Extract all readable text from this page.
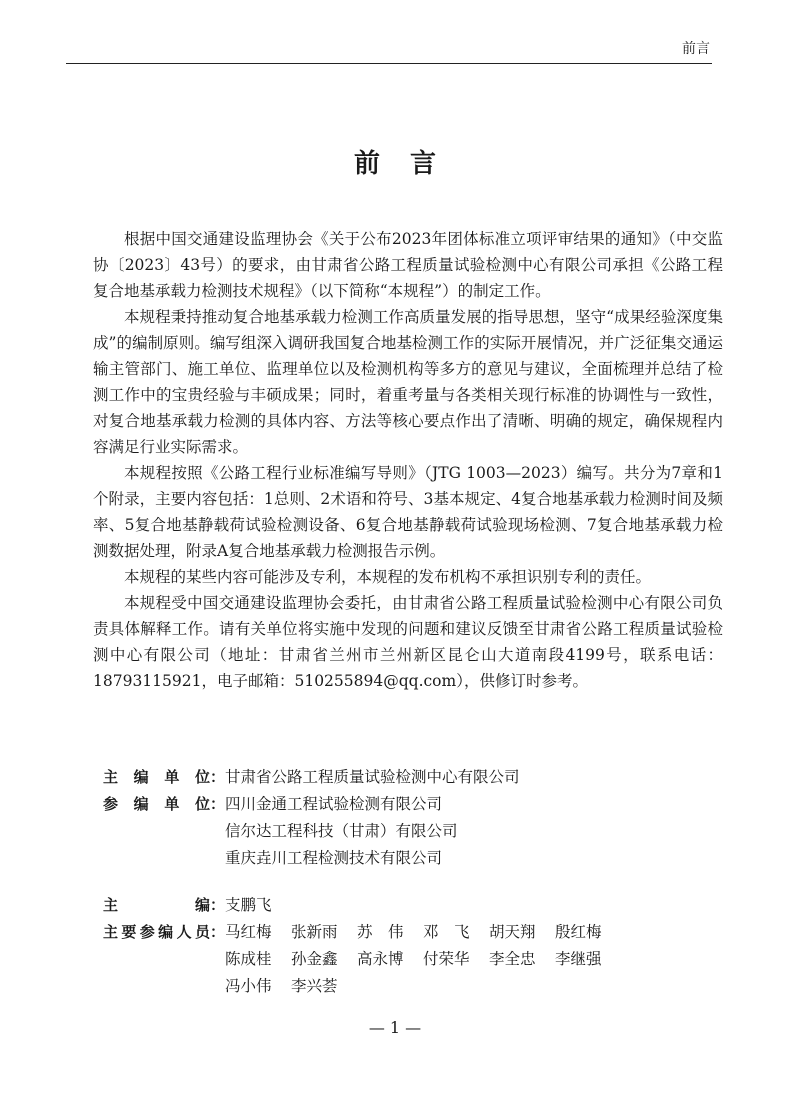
前言
前言

根据中国交通建设监理协会《关于公布2023年团体标准立项评审结果的通知》（中交监协〔2023〕43号）的要求，由甘肃省公路工程质量试验检测中心有限公司承担《公路工程复合地基承载力检测技术规程》（以下简称“本规程”）的制定工作。

本规程秉持推动复合地基承载力检测工作高质量发展的指导思想，坚守“成果经验深度集成”的编制原则。编写组深入调研我国复合地基检测工作的实际开展情况，并广泛征集交通运输主管部门、施工单位、监理单位以及检测机构等多方的意见与建议，全面梳理并总结了检测工作中的宝贵经验与丰硕成果；同时，着重考量与各类相关现行标准的协调性与一致性，对复合地基承载力检测的具体内容、方法等核心要点作出了清晰、明确的规定，确保规程内容满足行业实际需求。

本规程按照《公路工程行业标准编写导则》（JTG 1003—2023）编写。共分为7章和1个附录，主要内容包括：1总则、2术语和符号、3基本规定、4复合地基承载力检测时间及频率、5复合地基静载荷试验检测设备、6复合地基静载荷试验现场检测、7复合地基承载力检测数据处理，附录A复合地基承载力检测报告示例。

本规程的某些内容可能涉及专利，本规程的发布机构不承担识别专利的责任。

本规程受中国交通建设监理协会委托，由甘肃省公路工程质量试验检测中心有限公司负责具体解释工作。请有关单位将实施中发现的问题和建议反馈至甘肃省公路工程质量试验检测中心有限公司（地址：甘肃省兰州市兰州新区昆仑山大道南段4199号，联系电话：18793115921，电子邮箱：510255894@qq.com），供修订时参考。

主 编 单 位： 甘肃省公路工程质量试验检测中心有限公司
参 编 单 位： 四川金通工程试验检测有限公司
信尔达工程科技（甘肃）有限公司
重庆垚川工程检测技术有限公司
主	编： 支鹏飞
主 要 参 编 人 员： 马红梅	张新雨	苏　伟	邓　飞	胡天翔	殷红梅
陈成桂	孙金鑫	高永博	付荣华	李全忠	李继强
冯小伟	李兴荟
— 1 —
